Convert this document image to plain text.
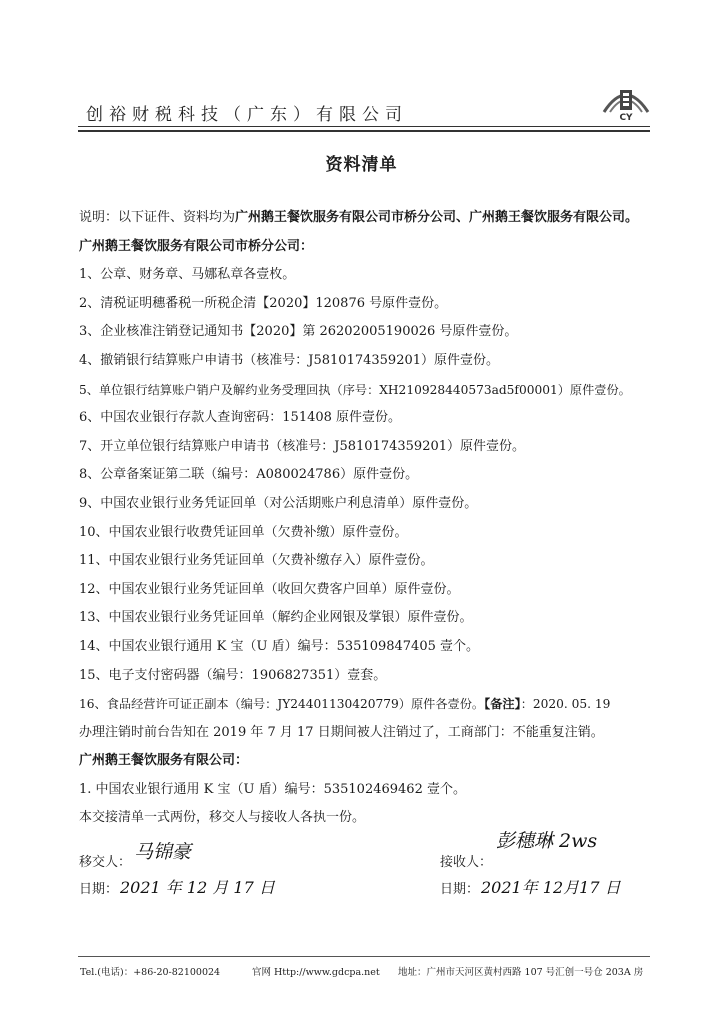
创裕财税科技（广东）有限公司	CY
资料清单
说明：以下证件、资料均为广州鹅王餐饮服务有限公司市桥分公司、广州鹅王餐饮服务有限公司。
广州鹅王餐饮服务有限公司市桥分公司：
1、公章、财务章、马娜私章各壹枚。
2、清税证明穗番税一所税企清【2020】120876 号原件壹份。
3、企业核准注销登记通知书【2020】第 26202005190026 号原件壹份。
4、撤销银行结算账户申请书（核准号：J5810174359201）原件壹份。
5、单位银行结算账户销户及解约业务受理回执（序号：XH210928440573ad5f00001）原件壹份。
6、中国农业银行存款人查询密码：151408 原件壹份。
7、开立单位银行结算账户申请书（核准号：J5810174359201）原件壹份。
8、公章备案证第二联（编号：A080024786）原件壹份。
9、中国农业银行业务凭证回单（对公活期账户利息清单）原件壹份。
10、中国农业银行收费凭证回单（欠费补缴）原件壹份。
11、中国农业银行业务凭证回单（欠费补缴存入）原件壹份。
12、中国农业银行业务凭证回单（收回欠费客户回单）原件壹份。
13、中国农业银行业务凭证回单（解约企业网银及掌银）原件壹份。
14、中国农业银行通用 K 宝（U 盾）编号：535109847405 壹个。
15、电子支付密码器（编号：1906827351）壹套。
16、食品经营许可证正副本（编号：JY24401130420779）原件各壹份。【备注】：2020. 05. 19
办理注销时前台告知在 2019 年 7 月 17 日期间被人注销过了，工商部门：不能重复注销。
广州鹅王餐饮服务有限公司：
1. 中国农业银行通用 K 宝（U 盾）编号：535102469462 壹个。
本交接清单一式两份，移交人与接收人各执一份。
移交人： 马锦豪
日期： 2021 年 12 月 17 日
接收人：
彭穗琳 2ws
日期： 2021年 12月17 日
Tel.(电话)：+86-20-82100024	官网 Http://www.gdcpa.net 地址：广州市天河区黄村西路 107 号汇创一号仓 203A 房
